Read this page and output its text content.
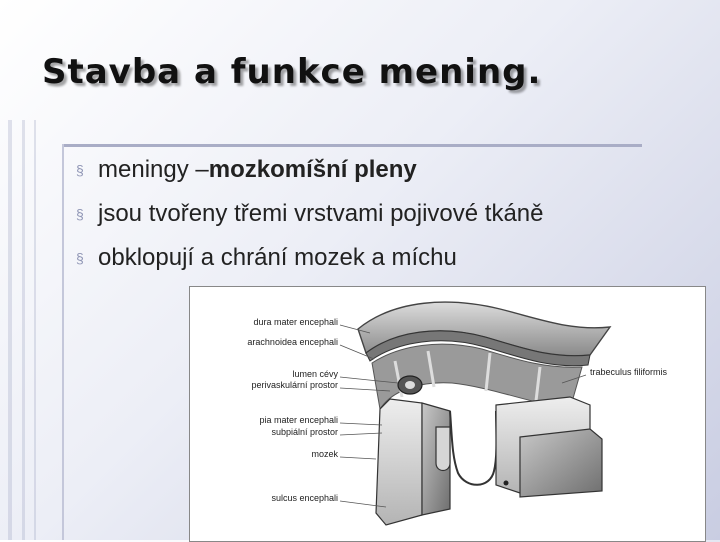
Stavba a funkce mening.
§ meningy – mozkomíšní pleny
§ jsou tvořeny třemi vrstvami pojivové tkáně
§ obklopují a chrání mozek a míchu
dura mater encephali
arachnoidea encephali
lumen cévy
perivaskulární prostor
pia mater encephali
subpiální prostor
mozek
sulcus encephali
trabeculus filiformis
